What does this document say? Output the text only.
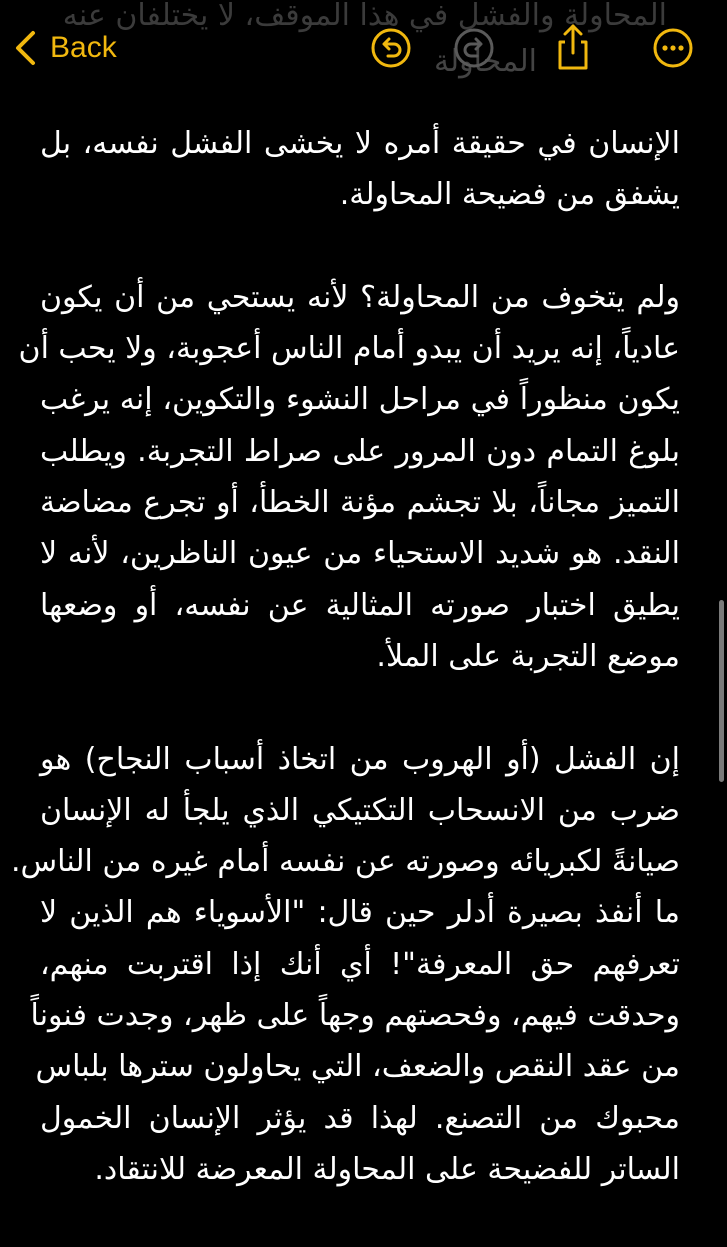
المحاولة والفشل في هذا الموقف، لا يختلفان عنه
المحاولة
Back

الإنسان في حقيقة أمره لا يخشى الفشل نفسه، بل
يشفق من فضيحة المحاولة.

ولم يتخوف من المحاولة؟ لأنه يستحي من أن يكون
عادياً، إنه يريد أن يبدو أمام الناس أعجوبة، ولا يحب أن
يكون منظوراً في مراحل النشوء والتكوين، إنه يرغب
بلوغ التمام دون المرور على صراط التجربة. ويطلب
التميز مجاناً، بلا تجشم مؤنة الخطأ، أو تجرع مضاضة
النقد. هو شديد الاستحياء من عيون الناظرين، لأنه لا
يطيق اختبار صورته المثالية عن نفسه، أو وضعها
موضع التجربة على الملأ.

إن الفشل (أو الهروب من اتخاذ أسباب النجاح) هو
ضرب من الانسحاب التكتيكي الذي يلجأ له الإنسان
صيانةً لكبريائه وصورته عن نفسه أمام غيره من الناس.
ما أنفذ بصيرة أدلر حين قال: "الأسوياء هم الذين لا
تعرفهم حق المعرفة"! أي أنك إذا اقتربت منهم،
وحدقت فيهم، وفحصتهم وجهاً على ظهر، وجدت فنوناً
من عقد النقص والضعف، التي يحاولون سترها بلباس
محبوك من التصنع. لهذا قد يؤثر الإنسان الخمول
الساتر للفضيحة على المحاولة المعرضة للانتقاد.
